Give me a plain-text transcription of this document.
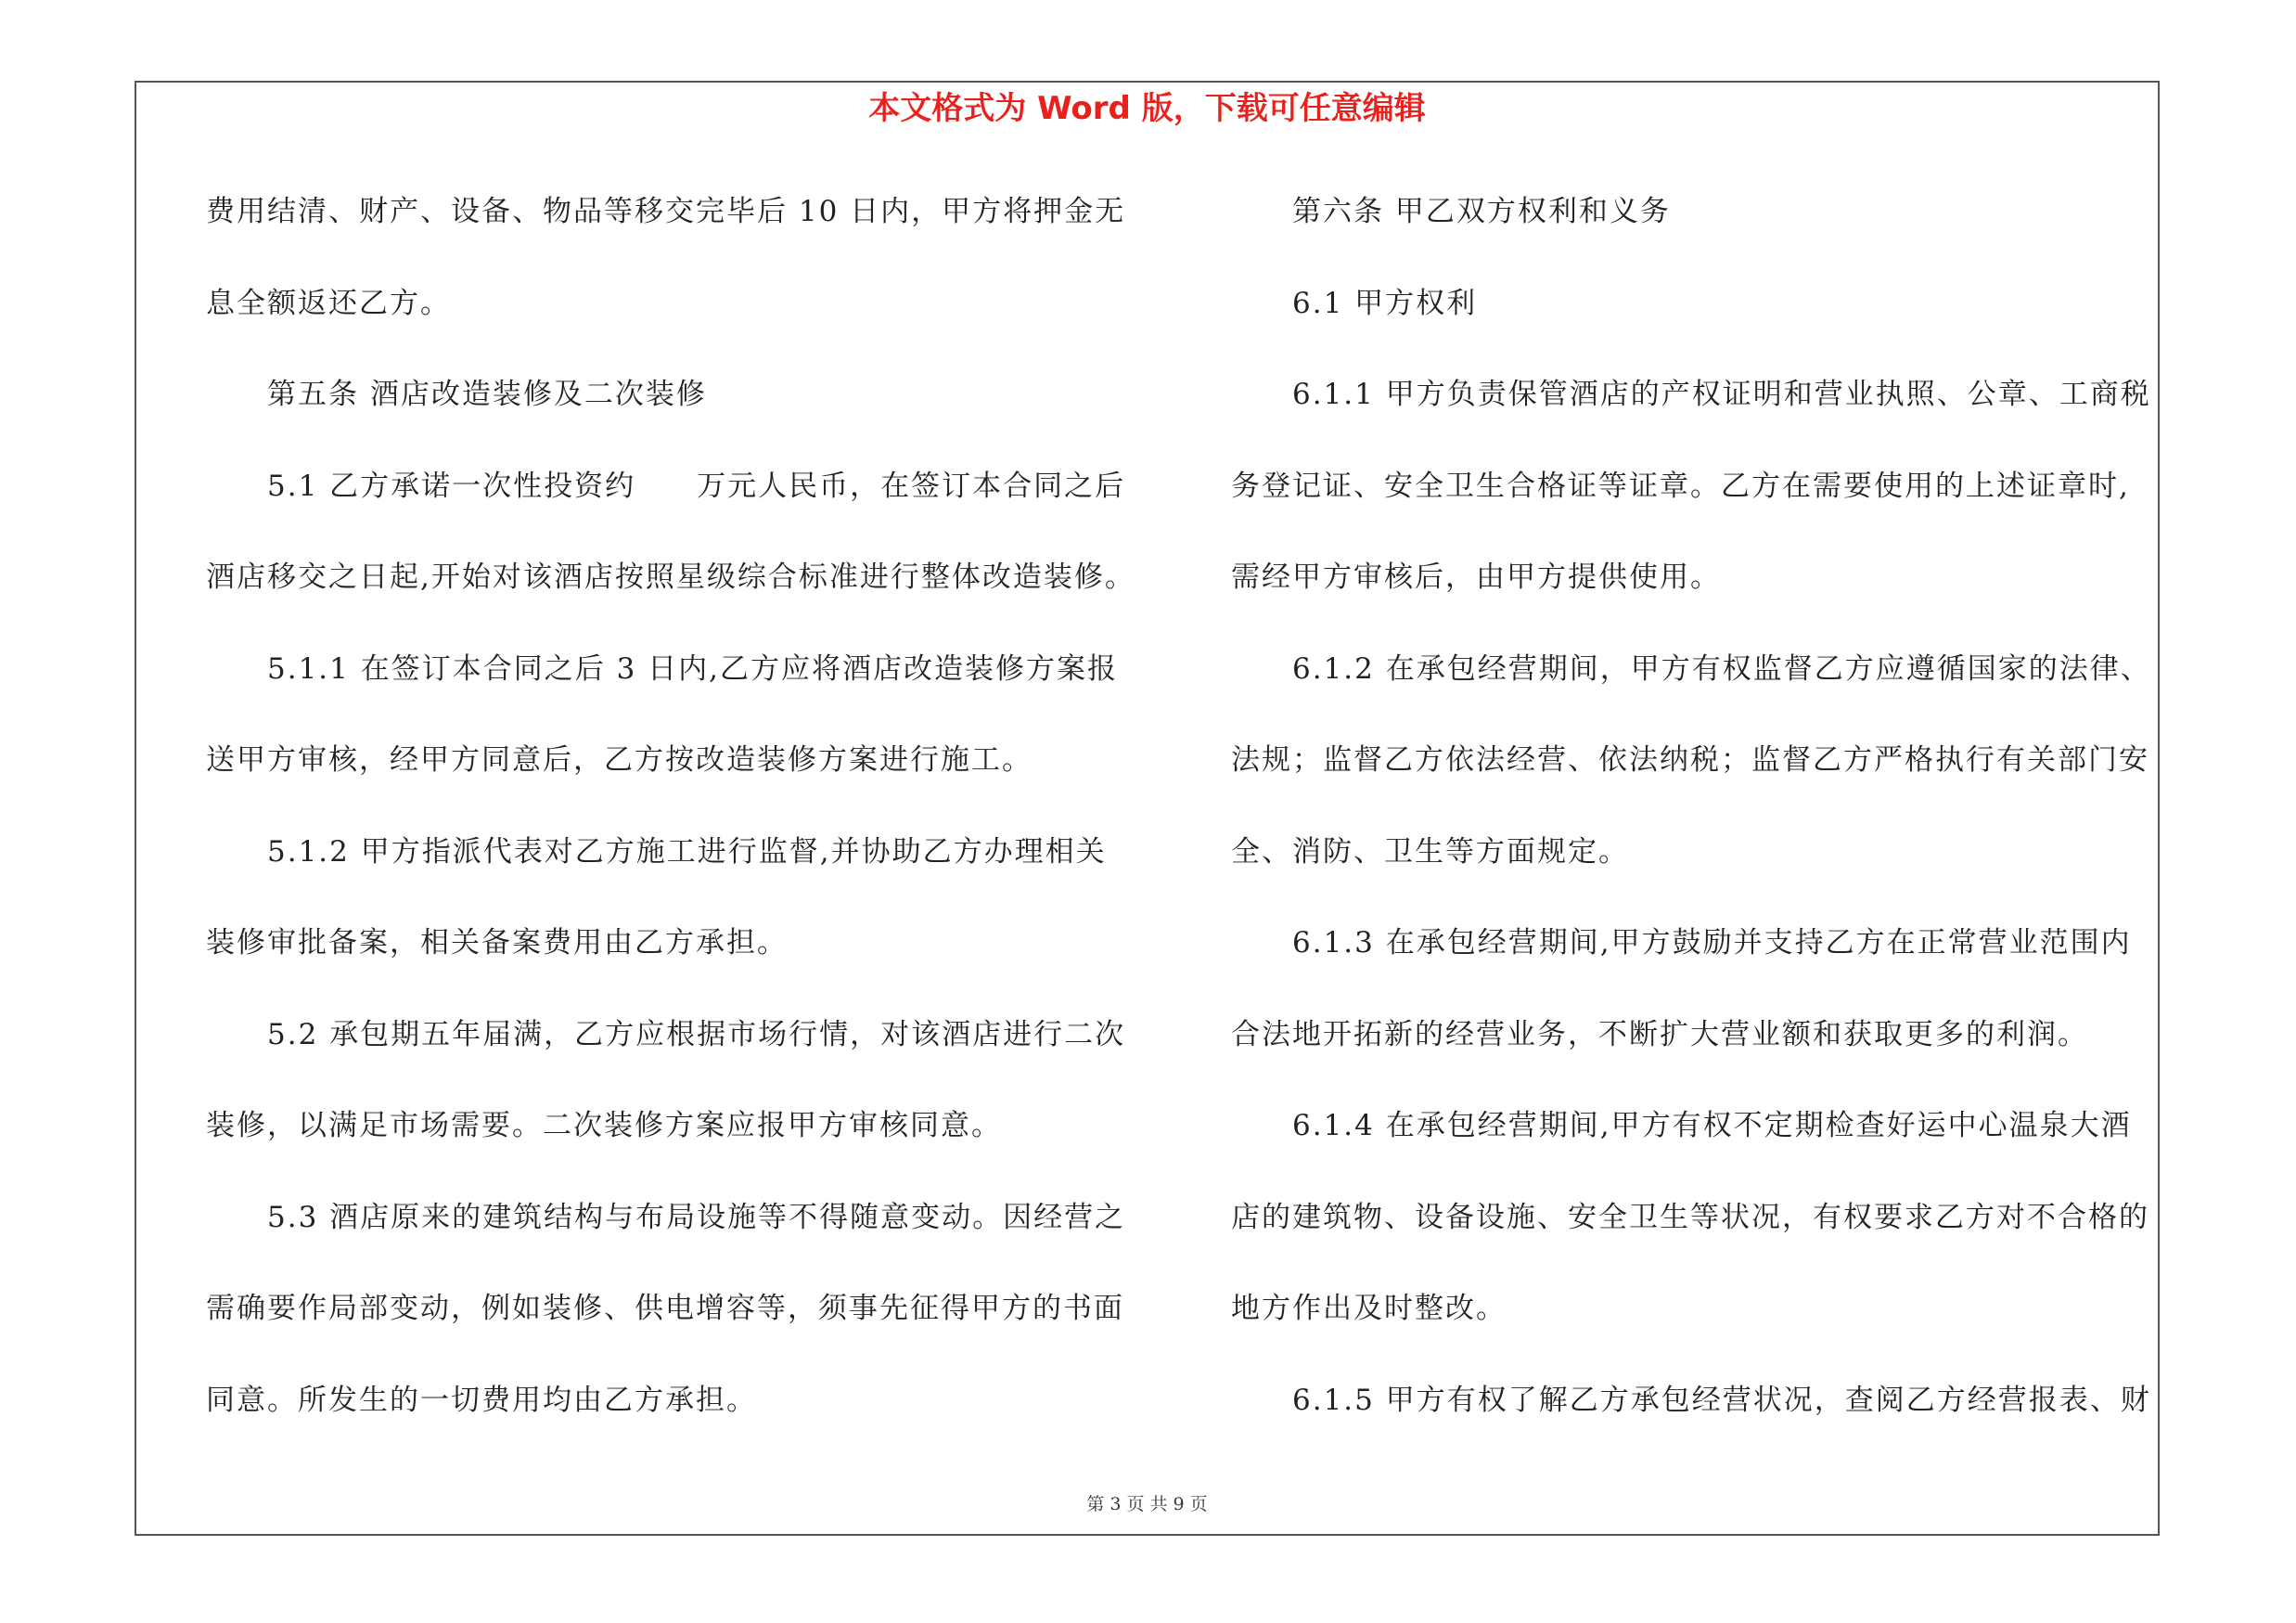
本文格式为 Word 版，下载可任意编辑
费用结清、财产、设备、物品等移交完毕后 10 日内，甲方将押金无
息全额返还乙方。
第五条 酒店改造装修及二次装修
5.1 乙方承诺一次性投资约　　万元人民币，在签订本合同之后
酒店移交之日起,开始对该酒店按照星级综合标准进行整体改造装修。
5.1.1 在签订本合同之后 3 日内,乙方应将酒店改造装修方案报
送甲方审核，经甲方同意后，乙方按改造装修方案进行施工。
5.1.2 甲方指派代表对乙方施工进行监督,并协助乙方办理相关
装修审批备案，相关备案费用由乙方承担。
5.2 承包期五年届满，乙方应根据市场行情，对该酒店进行二次
装修，以满足市场需要。二次装修方案应报甲方审核同意。
5.3 酒店原来的建筑结构与布局设施等不得随意变动。因经营之
需确要作局部变动，例如装修、供电增容等，须事先征得甲方的书面
同意。所发生的一切费用均由乙方承担。
第六条 甲乙双方权利和义务
6.1 甲方权利
6.1.1 甲方负责保管酒店的产权证明和营业执照、公章、工商税
务登记证、安全卫生合格证等证章。乙方在需要使用的上述证章时,
需经甲方审核后，由甲方提供使用。
6.1.2 在承包经营期间，甲方有权监督乙方应遵循国家的法律、
法规；监督乙方依法经营、依法纳税；监督乙方严格执行有关部门安
全、消防、卫生等方面规定。
6.1.3 在承包经营期间,甲方鼓励并支持乙方在正常营业范围内
合法地开拓新的经营业务，不断扩大营业额和获取更多的利润。
6.1.4 在承包经营期间,甲方有权不定期检查好运中心温泉大酒
店的建筑物、设备设施、安全卫生等状况，有权要求乙方对不合格的
地方作出及时整改。
6.1.5 甲方有权了解乙方承包经营状况，查阅乙方经营报表、财
第 3 页 共 9 页
